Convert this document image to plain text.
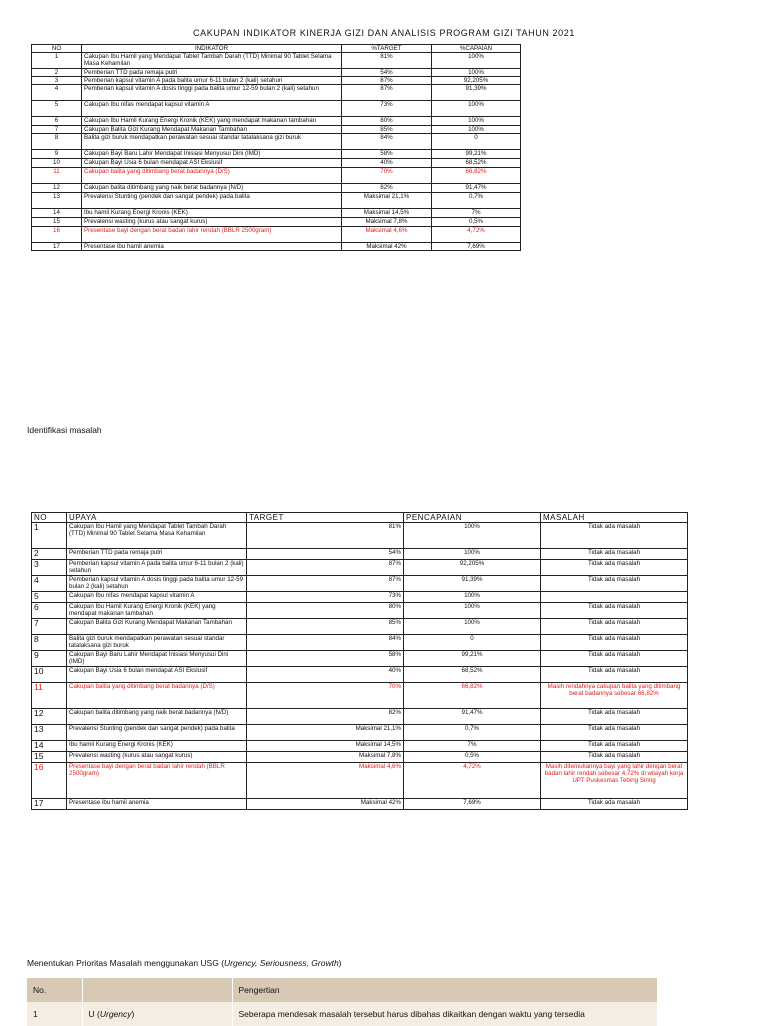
CAKUPAN INDIKATOR KINERJA GIZI DAN ANALISIS PROGRAM GIZI TAHUN 2021
NO	INDIKATOR	%TARGET	%CAPAIAN
1	Cakupan Ibu Hamil yang Mendapat Tablet Tambah Darah (TTD) Minimal 90 Tablet Selama Masa Kehamilan	81%	100%
2	Pemberian TTD pada remaja putri	54%	100%
3	Pemberian kapsul vitamin A pada balita umur 6-11 bulan 2 (kali) setahun	87%	92,205%
4	Pemberian kapsul vitamin A dosis tinggi pada balita umur 12-59 bulan 2 (kali) setahun	87%	91,39%
5	Cakupan Ibu nifas mendapat kapsul vitamin A	73%	100%
6	Cakupan Ibu Hamil Kurang Energi Kronik (KEK) yang mendapat makanan tambahan	80%	100%
7	Cakupan Balita Gizi Kurang Mendapat Makanan Tambahan	85%	100%
8	Balita gizi buruk mendapatkan perawatan sesuai standar tatalaksana gizi buruk	84%	0
9	Cakupan Bayi Baru Lahir Mendapat Inisiasi Menyusui Dini (IMD)	58%	99,21%
10	Cakupan Bayi Usia 6 bulan mendapat ASI Ekslusif	40%	68,52%
11	Cakupan balita yang ditimbang berat badannya (D/S)	70%	66,82%
12	Cakupan balita ditimbang yang naik berat badannya (N/D)	82%	91,47%
13	Prevalensi Stunting (pendek dan sangat pendek) pada balita	Maksimal 21,1%	0,7%
14	Ibu hamil Kurang Energi Kronis (KEK)	Maksimal 14,5%	7%
15	Prevalensi wasting (kurus atau sangat kurus)	Maksimal 7,8%	0,5%
16	Presentase bayi dengan berat badan lahir rendah (BBLR 2500gram)	Maksimal 4,6%	4,72%
17	Presentase ibu hamil anemia	Maksimal 42%	7,69%
Identifikasi masalah
NO	UPAYA	TARGET	PENCAPAIAN	MASALAH
1	Cakupan Ibu Hamil yang Mendapat Tablet Tambah Darah (TTD) Minimal 90 Tablet Selama Masa Kehamilan	81%	100%	Tidak ada masalah
2	Pemberian TTD pada remaja putri	54%	100%	Tidak ada masalah
3	Pemberian kapsul vitamin A pada balita umur 6-11 bulan 2 (kali) setahun	87%	92,205%	Tidak ada masalah
4	Pemberian kapsul vitamin A dosis tinggi pada balita umur 12-59 bulan 2 (kali) setahun	87%	91,39%	Tidak ada masalah
5	Cakupan Ibu nifas mendapat kapsul vitamin A	73%	100%	
6	Cakupan Ibu Hamil Kurang Energi Kronik (KEK) yang mendapat makanan tambahan	80%	100%	Tidak ada masalah
7	Cakupan Balita Gizi Kurang Mendapat Makanan Tambahan	85%	100%	Tidak ada masalah
8	Balita gizi buruk mendapatkan perawatan sesuai standar tatalaksana gizi buruk	84%	0	Tidak ada masalah
9	Cakupan Bayi Baru Lahir Mendapat Inisiasi Menyusui Dini (IMD)	58%	99,21%	Tidak ada masalah
10	Cakupan Bayi Usia 6 bulan mendapat ASI Ekslusif	40%	68,52%	Tidak ada masalah
11	Cakupan balita yang ditimbang berat badannya (D/S)	70%	66,82%	Masih rendahnya cakupan balita yang ditimbang berat badannya sebesar 66,82%
12	Cakupan balita ditimbang yang naik berat badannya (N/D)	82%	91,47%	Tidak ada masalah
13	Prevalensi Stunting (pendek dan sangat pendek) pada balita	Maksimal 21,1%	0,7%	Tidak ada masalah
14	Ibu hamil Kurang Energi Kronis (KEK)	Maksimal 14,5%	7%	Tidak ada masalah
15	Prevalensi wasting (kurus atau sangat kurus)	Maksimal 7,8%	0,5%	Tidak ada masalah
16	Presentase bayi dengan berat badan lahir rendah (BBLR 2500gram)	Maksimal 4,6%	4,72%	Masih ditemukannya bayi yang lahir dengan berat badan lahir rendah sebesar 4,72% di wilayah kerja UPT Puskesmas Tebing Siring
17	Presentase ibu hamil anemia	Maksimal 42%	7,69%	Tidak ada masalah
Menentukan Prioritas Masalah menggunakan USG (Urgency, Seriousness, Growth)
No.		Pengertian
1	U (Urgency)	Seberapa mendesak masalah tersebut harus dibahas dikaitkan dengan waktu yang tersedia
